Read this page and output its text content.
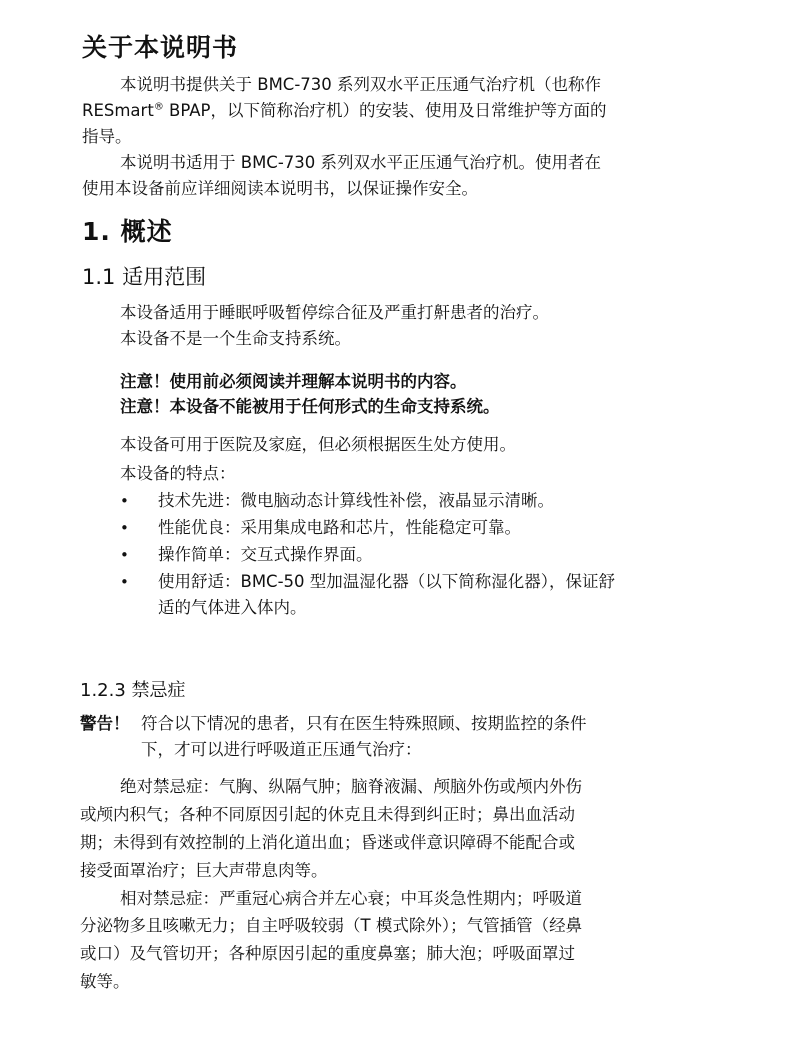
关于本说明书
本说明书提供关于 BMC-730 系列双水平正压通气治疗机（也称作
RESmart® BPAP，以下简称治疗机）的安装、使用及日常维护等方面的
指导。
本说明书适用于 BMC-730 系列双水平正压通气治疗机。使用者在
使用本设备前应详细阅读本说明书，以保证操作安全。
1. 概述
1.1 适用范围
本设备适用于睡眠呼吸暂停综合征及严重打鼾患者的治疗。
本设备不是一个生命支持系统。
注意！使用前必须阅读并理解本说明书的内容。
注意！本设备不能被用于任何形式的生命支持系统。
本设备可用于医院及家庭，但必须根据医生处方使用。
本设备的特点：
• 技术先进：微电脑动态计算线性补偿，液晶显示清晰。
• 性能优良：采用集成电路和芯片，性能稳定可靠。
• 操作简单：交互式操作界面。
• 使用舒适：BMC-50 型加温湿化器（以下简称湿化器），保证舒
适的气体进入体内。
1.2.3 禁忌症
警告！ 符合以下情况的患者，只有在医生特殊照顾、按期监控的条件
下，才可以进行呼吸道正压通气治疗：
绝对禁忌症：气胸、纵隔气肿；脑脊液漏、颅脑外伤或颅内外伤
或颅内积气；各种不同原因引起的休克且未得到纠正时；鼻出血活动
期；未得到有效控制的上消化道出血；昏迷或伴意识障碍不能配合或
接受面罩治疗；巨大声带息肉等。
相对禁忌症：严重冠心病合并左心衰；中耳炎急性期内；呼吸道
分泌物多且咳嗽无力；自主呼吸较弱（T 模式除外）；气管插管（经鼻
或口）及气管切开；各种原因引起的重度鼻塞；肺大泡；呼吸面罩过
敏等。
